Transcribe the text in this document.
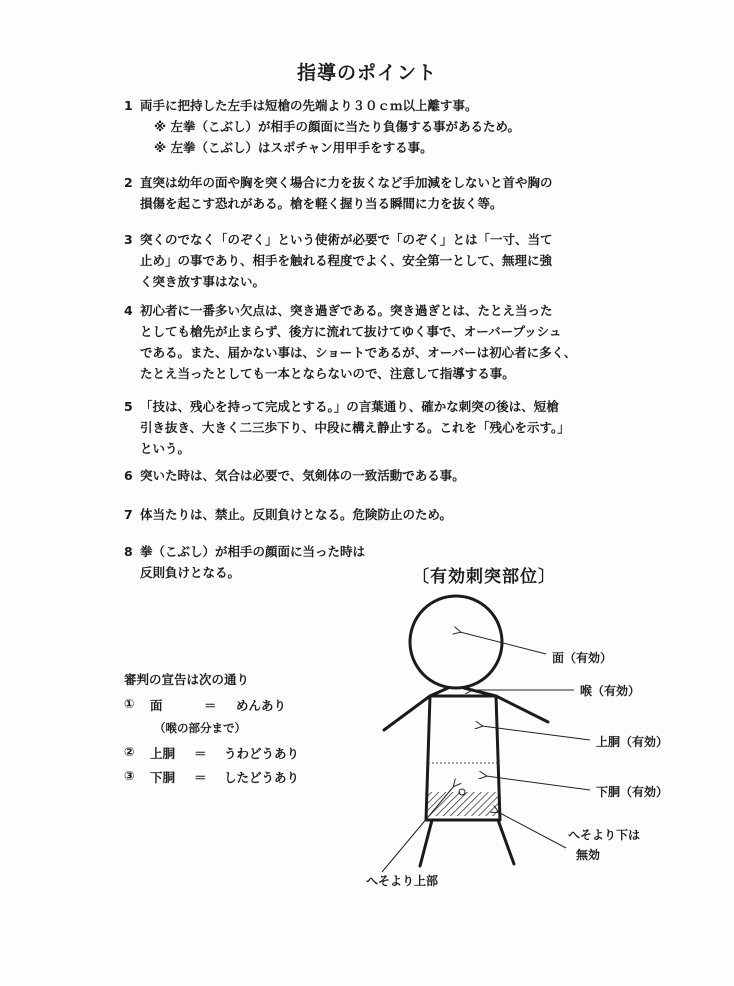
指導のポイント
1 両手に把持した左手は短槍の先端より３０ｃｍ以上離す事。
※ 左拳（こぶし）が相手の顔面に当たり負傷する事があるため。
※ 左拳（こぶし）はスポチャン用甲手をする事。
2 直突は幼年の面や胸を突く場合に力を抜くなど手加減をしないと首や胸の
損傷を起こす恐れがある。槍を軽く握り当る瞬間に力を抜く等。
3 突くのでなく「のぞく」という使術が必要で「のぞく」とは「一寸、当て
止め」の事であり、相手を触れる程度でよく、安全第一として、無理に強
く突き放す事はない。
4 初心者に一番多い欠点は、突き過ぎである。突き過ぎとは、たとえ当った
としても槍先が止まらず、後方に流れて抜けてゆく事で、オーバープッシュ
である。また、届かない事は、ショートであるが、オーバーは初心者に多く、
たとえ当ったとしても一本とならないので、注意して指導する事。
5 「技は、残心を持って完成とする。」の言葉通り、確かな刺突の後は、短槍
引き抜き、大きく二三歩下り、中段に構え静止する。これを「残心を示す。」
という。
6 突いた時は、気合は必要で、気剣体の一致活動である事。
7 体当たりは、禁止。反則負けとなる。危険防止のため。
8 拳（こぶし）が相手の顔面に当った時は
反則負けとなる。	〔有効刺突部位〕
審判の宣告は次の通り
① 面	＝ めんあり
（喉の部分まで）
② 上胴 ＝ うわどうあり
③ 下胴 ＝ したどうあり
面（有効）
喉（有効）
上胴（有効）
下胴（有効）
へそより下は
無効
へそより上部
